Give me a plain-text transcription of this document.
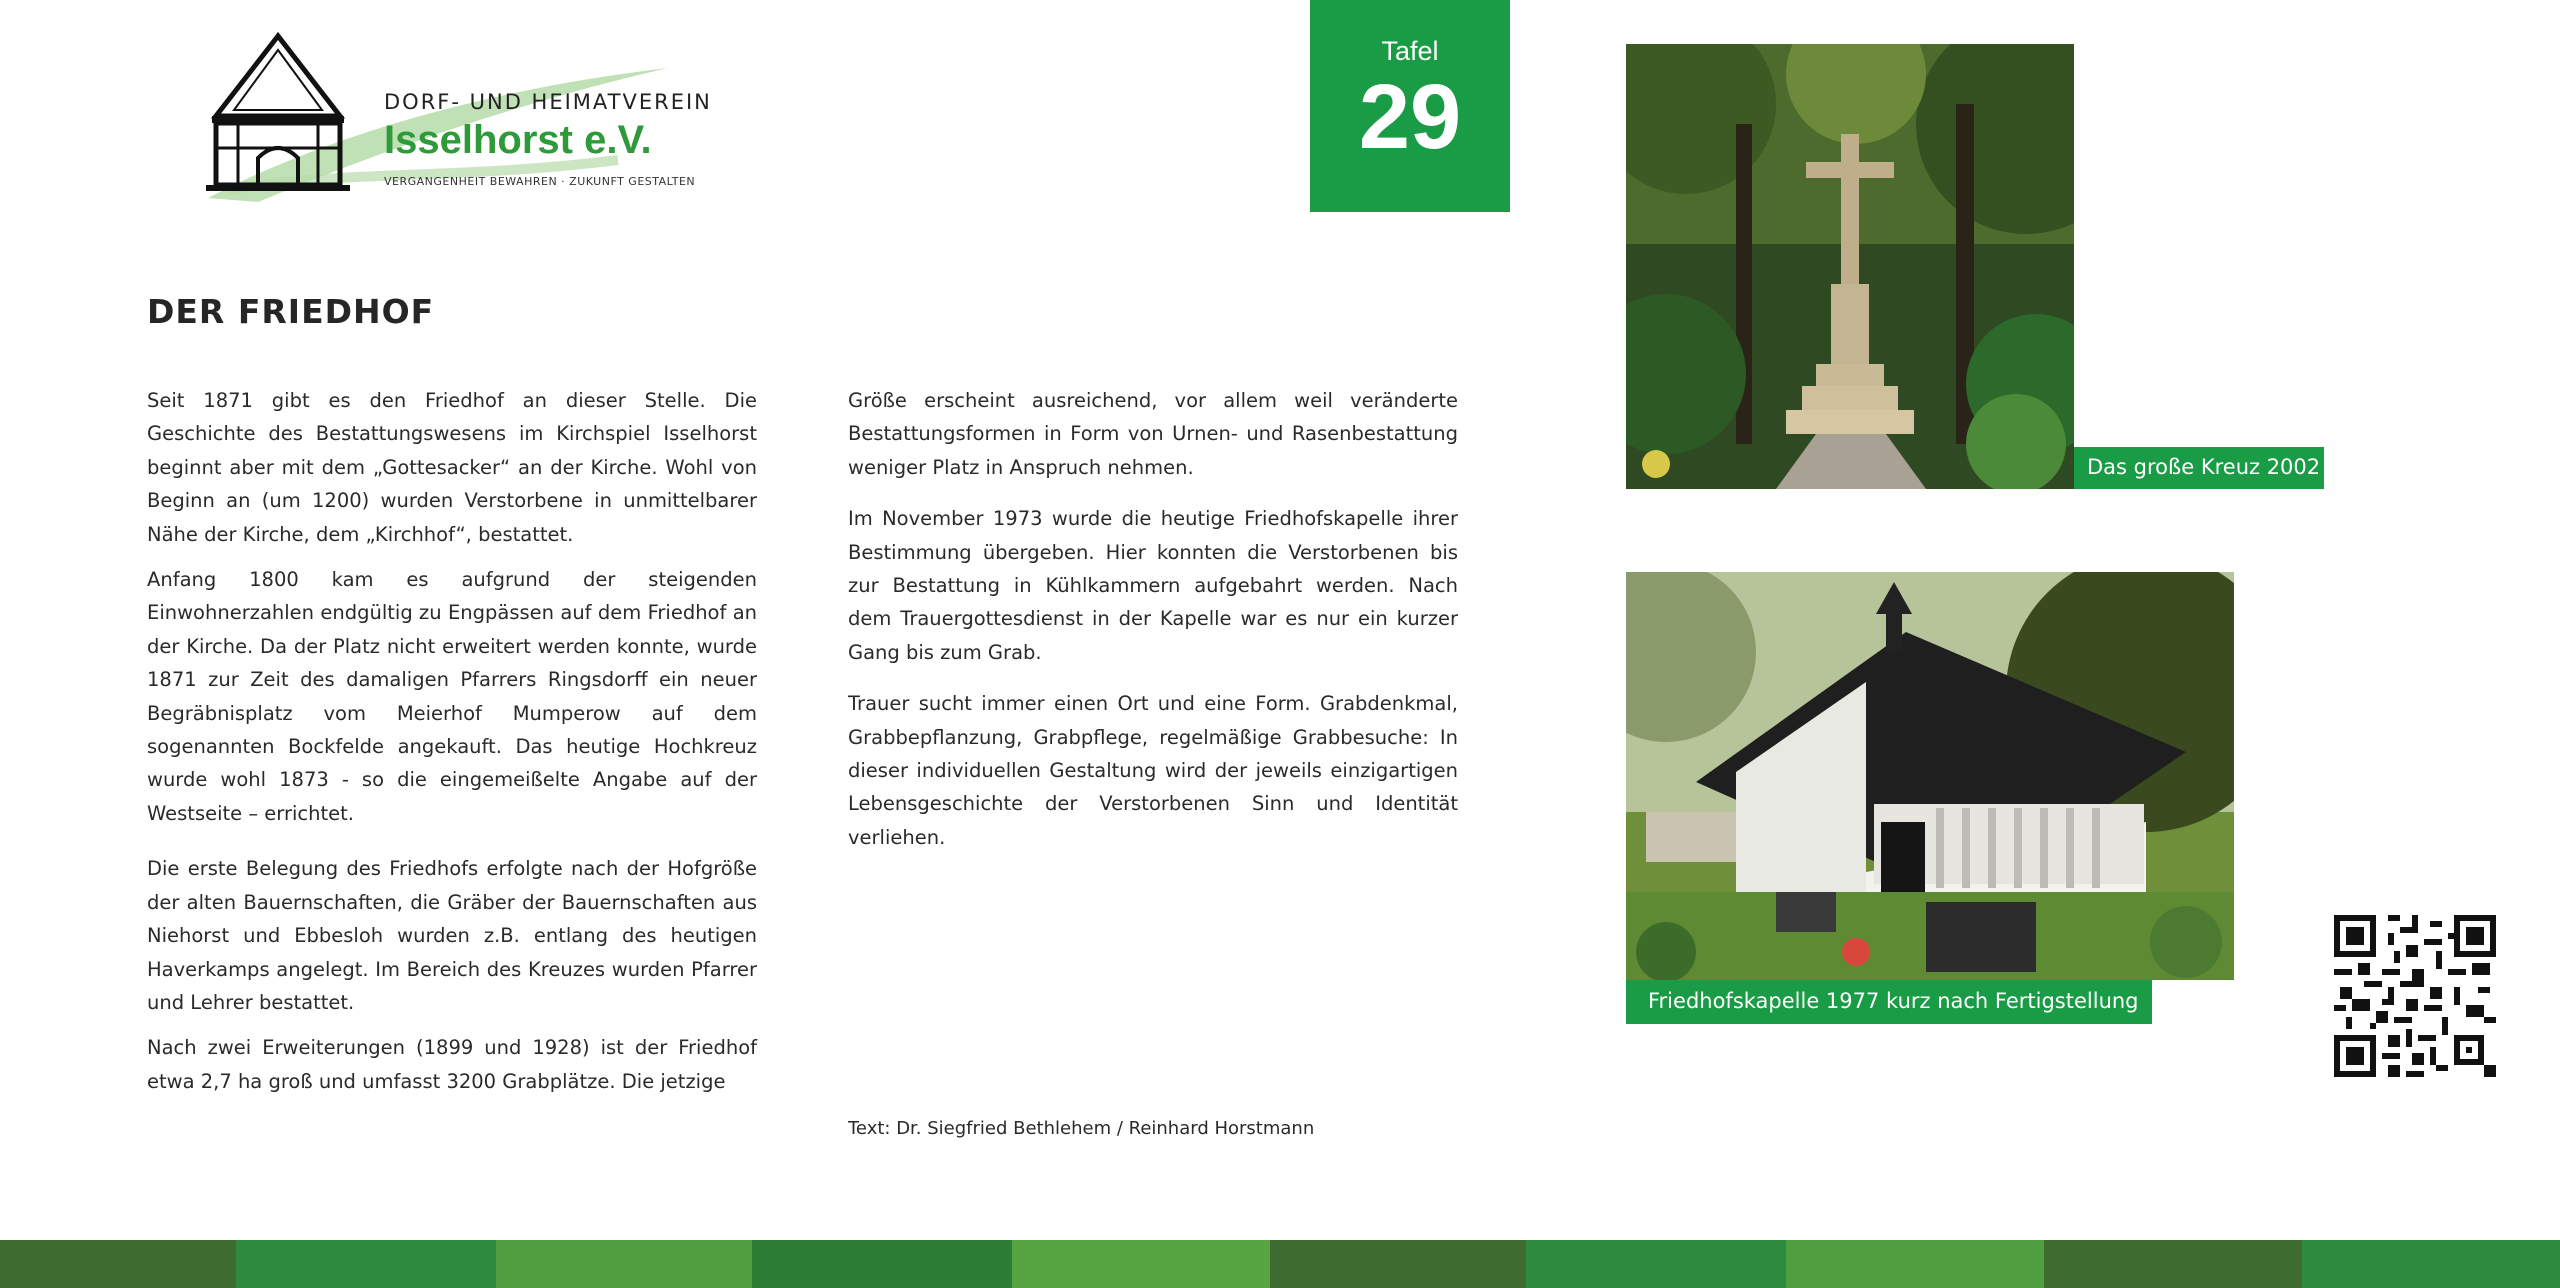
DORF- UND HEIMATVEREIN
Isselhorst e.V.
VERGANGENHEIT BEWAHREN · ZUKUNFT GESTALTEN
Tafel
29
DER FRIEDHOF

Seit 1871 gibt es den Friedhof an dieser Stelle. Die Geschichte des Bestattungswesens im Kirchspiel Isselhorst beginnt aber mit dem „Gottesacker“ an der Kirche. Wohl von Beginn an (um 1200) wurden Verstorbene in unmittelbarer Nähe der Kirche, dem „Kirchhof“, bestattet.

Anfang 1800 kam es aufgrund der steigenden Einwohnerzahlen endgültig zu Engpässen auf dem Friedhof an der Kirche. Da der Platz nicht erweitert werden konnte, wurde 1871 zur Zeit des damaligen Pfarrers Ringsdorff ein neuer Begräbnisplatz vom Meierhof Mumperow auf dem sogenannten Bockfelde angekauft. Das heutige Hochkreuz wurde wohl 1873 - so die eingemeißelte Angabe auf der Westseite – errichtet.

Die erste Belegung des Friedhofs erfolgte nach der Hofgröße der alten Bauernschaften, die Gräber der Bauernschaften aus Niehorst und Ebbesloh wurden z.B. entlang des heutigen Haverkamps angelegt. Im Bereich des Kreuzes wurden Pfarrer und Lehrer bestattet.

Nach zwei Erweiterungen (1899 und 1928) ist der Friedhof etwa 2,7 ha groß und umfasst 3200 Grabplätze. Die jetzige

Größe erscheint ausreichend, vor allem weil veränderte Bestattungsformen in Form von Urnen- und Rasenbestattung weniger Platz in Anspruch nehmen.

Im November 1973 wurde die heutige Friedhofskapelle ihrer Bestimmung übergeben. Hier konnten die Verstorbenen bis zur Bestattung in Kühlkammern aufgebahrt werden. Nach dem Trauergottesdienst in der Kapelle war es nur ein kurzer Gang bis zum Grab.

Trauer sucht immer einen Ort und eine Form. Grabdenkmal, Grabbepflanzung, Grabpflege, regelmäßige Grabbesuche: In dieser individuellen Gestaltung wird der jeweils einzigartigen Lebensgeschichte der Verstorbenen Sinn und Identität verliehen.

Text: Dr. Siegfried Bethlehem / Reinhard Horstmann
Das große Kreuz 2002
Friedhofskapelle 1977 kurz nach Fertigstellung
